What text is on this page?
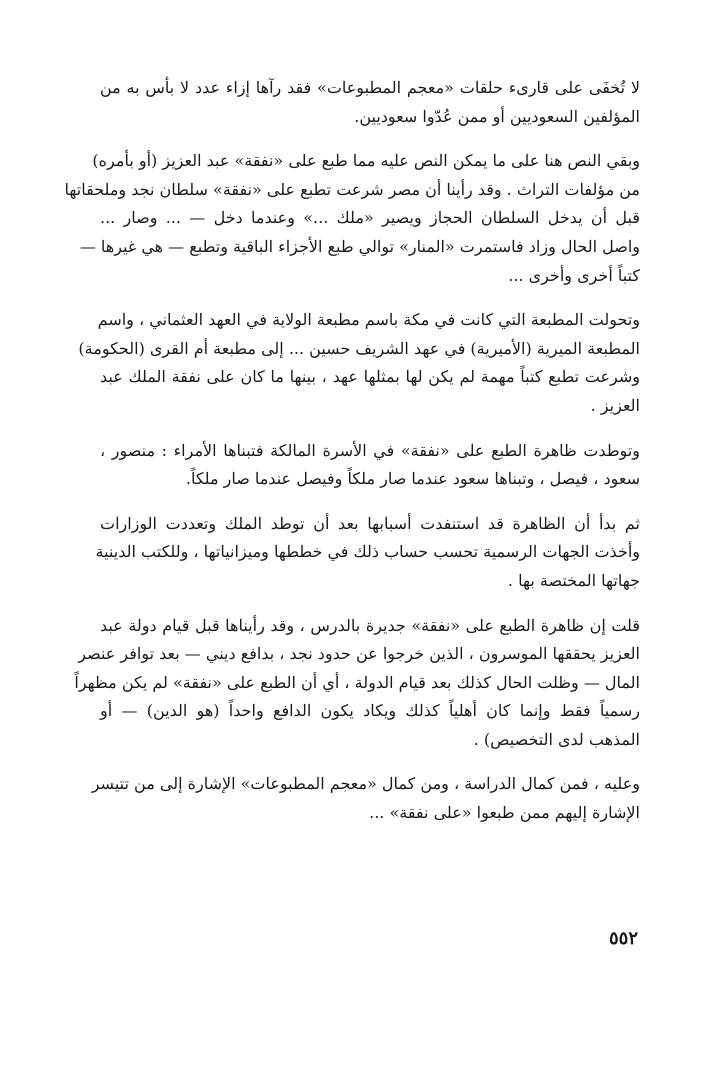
لا تُخفَى على قارىء حلقات «معجم المطبوعات» فقد رآها إزاء عدد لا بأس به من
المؤلفين السعوديين أو ممن عُدّوا سعوديين.
وبقي النص هنا على ما يمكن النص عليه مما طبع على «نفقة» عبد العزيز (أو بأمره)
من مؤلفات التراث . وقد رأينا أن مصر شرعت تطبع على «نفقة» سلطان نجد وملحقاتها
قبل أن يدخل السلطان الحجاز ويصير «ملك ...» وعندما دخل — ... وصار ...
واصل الحال وزاد فاستمرت «المنار» توالي طبع الأجزاء الباقية وتطبع — هي غيرها —
كتباً أخرى وأخرى ...
وتحولت المطبعة التي كانت في مكة باسم مطبعة الولاية في العهد العثماني ، واسم
المطبعة الميرية (الأميرية) في عهد الشريف حسين ... إلى مطبعة أم القرى (الحكومة)
وشرعت تطبع كتباً مهمة لم يكن لها بمثلها عهد ، بينها ما كان على نفقة الملك عبد
العزيز .
وتوطدت ظاهرة الطبع على «نفقة» في الأسرة المالكة فتبناها الأمراء : منصور ،
سعود ، فيصل ، وتبناها سعود عندما صار ملكاً وفيصل عندما صار ملكاً.
ثم بدأ أن الظاهرة قد استنفدت أسبابها بعد أن توطد الملك وتعددت الوزارات
وأخذت الجهات الرسمية تحسب حساب ذلك في خططها وميزانياتها ، وللكتب الدينية
جهاتها المختصة بها .
قلت إن ظاهرة الطبع على «نفقة» جديرة بالدرس ، وقد رأيناها قبل قيام دولة عبد
العزيز يحققها الموسرون ، الذين خرجوا عن حدود نجد ، بدافع ديني — بعد توافر عنصر
المال — وظلت الحال كذلك بعد قيام الدولة ، أي أن الطبع على «نفقة» لم يكن مظهراً
رسمياً فقط وإنما كان أهلياً كذلك ويكاد يكون الدافع واحداً (هو الدين) — أو
المذهب لدى التخصيص) .
وعليه ، فمن كمال الدراسة ، ومن كمال «معجم المطبوعات» الإشارة إلى من تتيسر
الإشارة إليهم ممن طبعوا «على نفقة» ...
٥٥٢
